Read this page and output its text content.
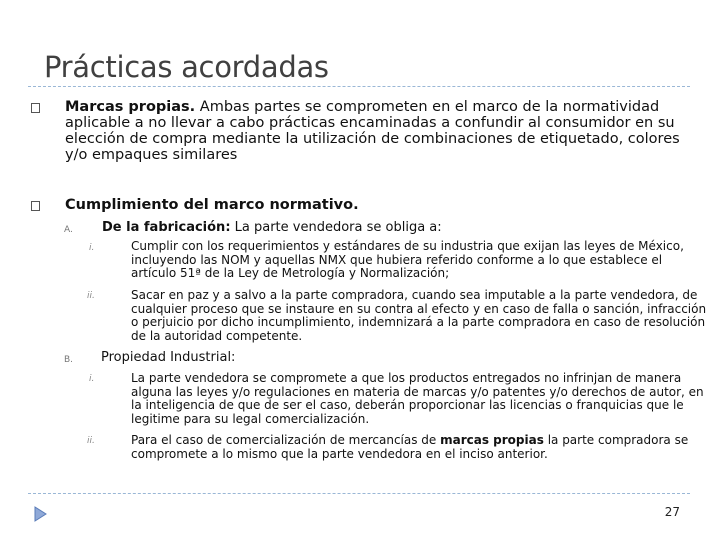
Prácticas acordadas
Marcas propias. Ambas partes se comprometen en el marco de la normatividad aplicable a no llevar a cabo prácticas encaminadas a confundir al consumidor en su elección de compra mediante la utilización de combinaciones de etiquetado, colores y/o empaques similares
Cumplimiento del marco normativo.
A. De la fabricación: La parte vendedora se obliga a:
i.	Cumplir con los requerimientos y estándares de su industria que exijan las leyes de México, incluyendo las NOM y aquellas NMX que hubiera referido conforme a lo que establece el artículo 51ª de la Ley de Metrología y Normalización;
ii.	Sacar en paz y a salvo a la parte compradora, cuando sea imputable a la parte vendedora, de cualquier proceso que se instaure en su contra al efecto y en caso de falla o sanción, infracción o perjuicio por dicho incumplimiento, indemnizará a la parte compradora en caso de resolución de la autoridad competente.
B. Propiedad Industrial:
i.	La parte vendedora se compromete a que los productos entregados no infrinjan de manera alguna las leyes y/o regulaciones en materia de marcas y/o patentes y/o derechos de autor, en la inteligencia de que de ser el caso, deberán proporcionar las licencias o franquicias que le legitime para su legal comercialización.
ii.	Para el caso de comercialización de mercancías de marcas propias la parte compradora se compromete a lo mismo que la parte vendedora en el inciso anterior.
27
